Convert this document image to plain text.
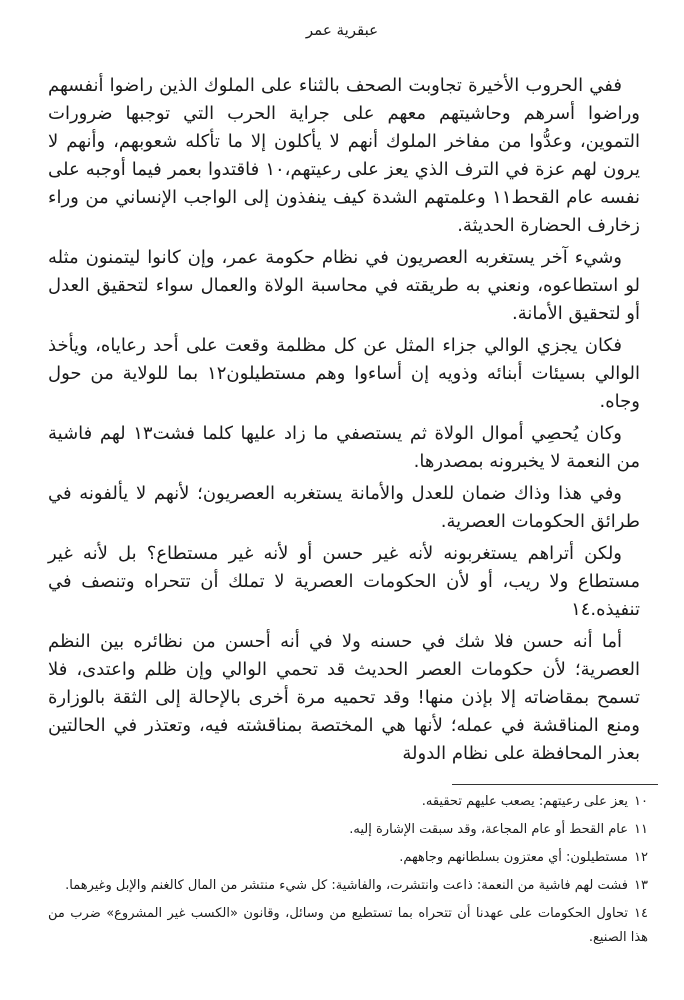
عبقرية عمر

ففي الحروب الأخيرة تجاوبت الصحف بالثناء على الملوك الذين راضوا أنفسهم وراضوا أسرهم وحاشيتهم معهم على جراية الحرب التي توجبها ضرورات التموين، وعدُّوا من مفاخر الملوك أنهم لا يأكلون إلا ما تأكله شعوبهم، وأنهم لا يرون لهم عزة في الترف الذي يعز على رعيتهم،١٠ فاقتدوا بعمر فيما أوجبه على نفسه عام القحط١١ وعلمتهم الشدة كيف ينفذون إلى الواجب الإنساني من وراء زخارف الحضارة الحديثة.

وشيء آخر يستغربه العصريون في نظام حكومة عمر، وإن كانوا ليتمنون مثله لو استطاعوه، ونعني به طريقته في محاسبة الولاة والعمال سواء لتحقيق العدل أو لتحقيق الأمانة.

فكان يجزي الوالي جزاء المثل عن كل مظلمة وقعت على أحد رعاياه، ويأخذ الوالي بسيئات أبنائه وذويه إن أساءوا وهم مستطيلون١٢ بما للولاية من حول وجاه.

وكان يُحصِي أموال الولاة ثم يستصفي ما زاد عليها كلما فشت١٣ لهم فاشية من النعمة لا يخبرونه بمصدرها.

وفي هذا وذاك ضمان للعدل والأمانة يستغربه العصريون؛ لأنهم لا يألفونه في طرائق الحكومات العصرية.

ولكن أتراهم يستغربونه لأنه غير حسن أو لأنه غير مستطاع؟ بل لأنه غير مستطاع ولا ريب، أو لأن الحكومات العصرية لا تملك أن تتحراه وتنصف في تنفيذه.١٤

أما أنه حسن فلا شك في حسنه ولا في أنه أحسن من نظائره بين النظم العصرية؛ لأن حكومات العصر الحديث قد تحمي الوالي وإن ظلم واعتدى، فلا تسمح بمقاضاته إلا بإذن منها! وقد تحميه مرة أخرى بالإحالة إلى الثقة بالوزارة ومنع المناقشة في عمله؛ لأنها هي المختصة بمناقشته فيه، وتعتذر في الحالتين بعذر المحافظة على نظام الدولة

١٠يعز على رعيتهم: يصعب عليهم تحقيقه.

١١عام القحط أو عام المجاعة، وقد سبقت الإشارة إليه.

١٢مستطيلون: أي معتزون بسلطانهم وجاههم.

١٣فشت لهم فاشية من النعمة: ذاعت وانتشرت، والفاشية: كل شيء منتشر من المال كالغنم والإبل وغيرهما.

١٤تحاول الحكومات على عهدنا أن تتحراه بما تستطيع من وسائل، وقانون «الكسب غير المشروع» ضرب من هذا الصنيع.
